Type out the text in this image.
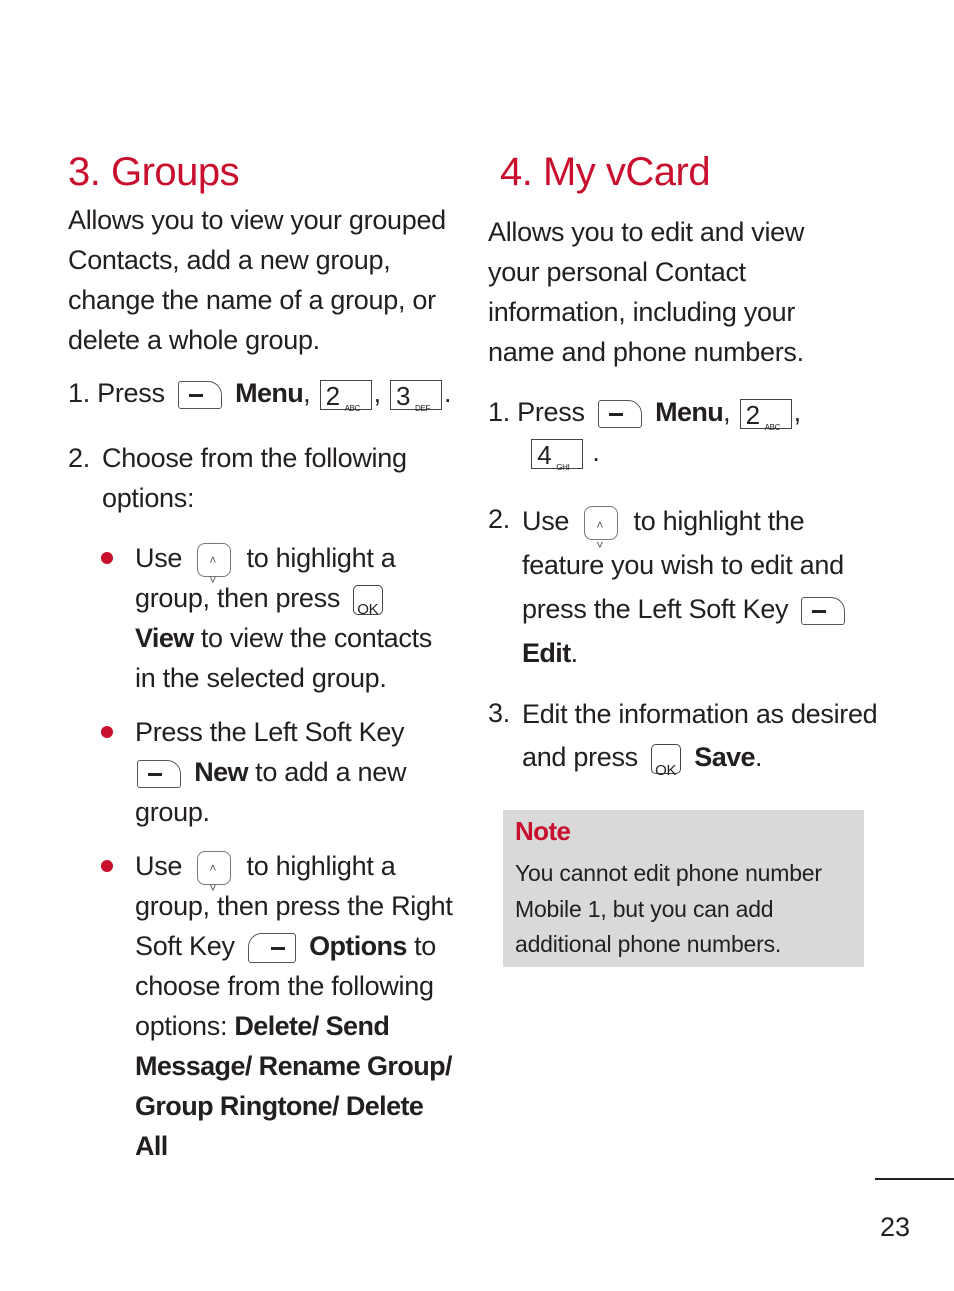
3. Groups

Allows you to view your grouped Contacts, add a new group, change the name of a group, or delete a whole group.

1. Press	Menu, 2 ABC
, 3 DEF
.
2. Choose from the following options:
Use ˄
˅
to highlight a group, then press OK
View to view the contacts in the selected group.
Press the Left Soft Key  New to add a new group.
Use ˄
˅
to highlight a group, then press the Right Soft Key	Options to choose from the following options: Delete/ Send Message/ Rename Group/ Group Ringtone/ Delete All
4. My vCard

Allows you to edit and view your personal Contact information, including your name and phone numbers.

1. Press	Menu, 2 ABC
,

4 GHI
.
2. Use ˄
˅
to highlight the feature you wish to edit and press the Left Soft Key  Edit.
3. Edit the information as desired and press OK Save.
Note
You cannot edit phone number Mobile 1, but you can add additional phone numbers.
23
